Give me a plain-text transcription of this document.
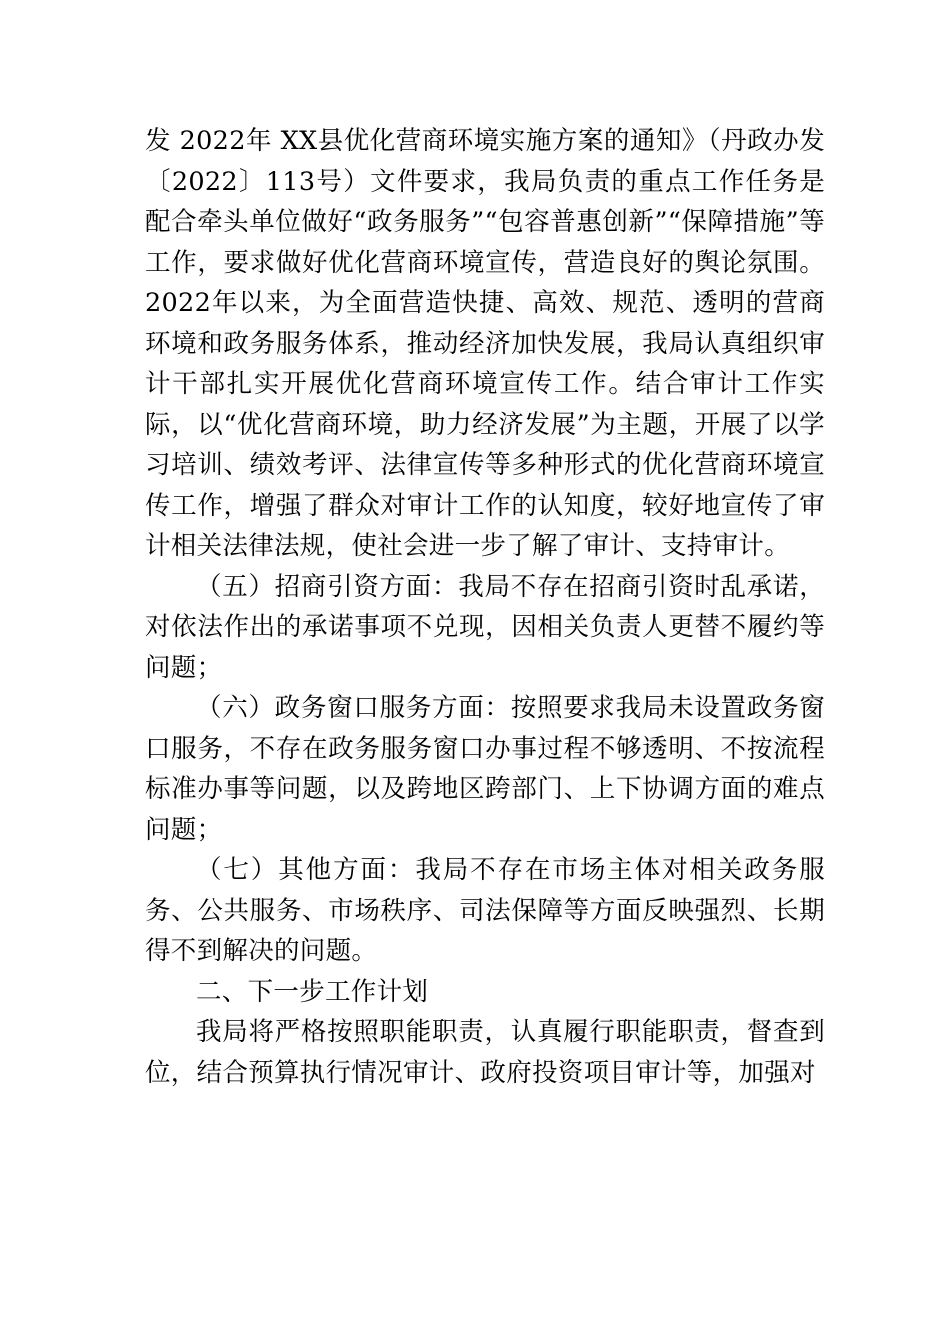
发 2022年 XX县优化营商环境实施方案的通知》（丹政办发〔2022〕113号）文件要求，我局负责的重点工作任务是配合牵头单位做好“政务服务”“包容普惠创新”“保障措施”等工作，要求做好优化营商环境宣传，营造良好的舆论氛围。2022年以来，为全面营造快捷、高效、规范、透明的营商环境和政务服务体系，推动经济加快发展，我局认真组织审计干部扎实开展优化营商环境宣传工作。结合审计工作实际，以“优化营商环境，助力经济发展”为主题，开展了以学习培训、绩效考评、法律宣传等多种形式的优化营商环境宣传工作，增强了群众对审计工作的认知度，较好地宣传了审计相关法律法规，使社会进一步了解了审计、支持审计。

（五）招商引资方面：我局不存在招商引资时乱承诺，对依法作出的承诺事项不兑现，因相关负责人更替不履约等问题；

（六）政务窗口服务方面：按照要求我局未设置政务窗口服务，不存在政务服务窗口办事过程不够透明、不按流程标准办事等问题，以及跨地区跨部门、上下协调方面的难点问题；

（七）其他方面：我局不存在市场主体对相关政务服务、公共服务、市场秩序、司法保障等方面反映强烈、长期得不到解决的问题。

二、下一步工作计划

我局将严格按照职能职责，认真履行职能职责，督查到位，结合预算执行情况审计、政府投资项目审计等，加强对
